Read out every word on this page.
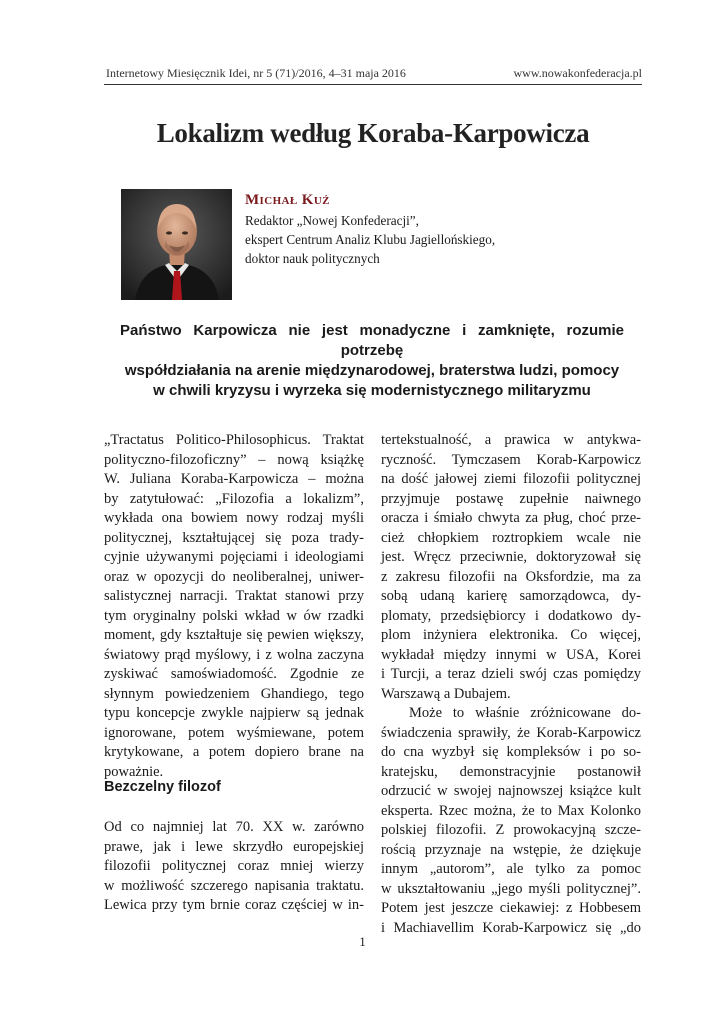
Internetowy Miesięcznik Idei, nr 5 (71)/2016, 4–31 maja 2016	www.nowakonfederacja.pl
Lokalizm według Koraba-Karpowicza
Michał Kuź
Redaktor „Nowej Konfederacji”,
ekspert Centrum Analiz Klubu Jagiellońskiego,
doktor nauk politycznych
Państwo Karpowicza nie jest monadyczne i zamknięte, rozumie potrzebę
współdziałania na arenie międzynarodowej, braterstwa ludzi, pomocy
w chwili kryzysu i wyrzeka się modernistycznego militaryzmu
„Tractatus Politico-Philosophicus. Traktat
polityczno-filozoficzny” – nową książkę
W. Juliana Koraba-Karpowicza – można
by zatytułować: „Filozofia a lokalizm”,
wykłada ona bowiem nowy rodzaj myśli
politycznej, kształtującej się poza trady-
cyjnie używanymi pojęciami i ideologiami
oraz w opozycji do neoliberalnej, uniwer-
salistycznej narracji. Traktat stanowi przy
tym oryginalny polski wkład w ów rzadki
moment, gdy kształtuje się pewien większy,
światowy prąd myślowy, i z wolna zaczyna
zyskiwać samoświadomość. Zgodnie ze
słynnym powiedzeniem Ghandiego, tego
typu koncepcje zwykle najpierw są jednak
ignorowane, potem wyśmiewane, potem
krytykowane, a potem dopiero brane na
poważnie.
Bezczelny filozof
Od co najmniej lat 70. XX w. zarówno
prawe, jak i lewe skrzydło europejskiej
filozofii politycznej coraz mniej wierzy
w możliwość szczerego napisania traktatu.
Lewica przy tym brnie coraz częściej w in-
tertekstualność, a prawica w antykwa-
ryczność. Tymczasem Korab-Karpowicz
na dość jałowej ziemi filozofii politycznej
przyjmuje postawę zupełnie naiwnego
oracza i śmiało chwyta za pług, choć prze-
cież chłopkiem roztropkiem wcale nie
jest. Wręcz przeciwnie, doktoryzował się
z zakresu filozofii na Oksfordzie, ma za
sobą udaną karierę samorządowca, dy-
plomaty, przedsiębiorcy i dodatkowo dy-
plom inżyniera elektronika. Co więcej,
wykładał między innymi w USA, Korei
i Turcji, a teraz dzieli swój czas pomiędzy
Warszawą a Dubajem.
Może to właśnie zróżnicowane do-
świadczenia sprawiły, że Korab-Karpowicz
do cna wyzbył się kompleksów i po so-
kratejsku, demonstracyjnie postanowił
odrzucić w swojej najnowszej książce kult
eksperta. Rzec można, że to Max Kolonko
polskiej filozofii. Z prowokacyjną szcze-
rością przyznaje na wstępie, że dziękuje
innym „autorom”, ale tylko za pomoc
w ukształtowaniu „jego myśli politycznej”.
Potem jest jeszcze ciekawiej: z Hobbesem
i Machiavellim Korab-Karpowicz się „do
1
